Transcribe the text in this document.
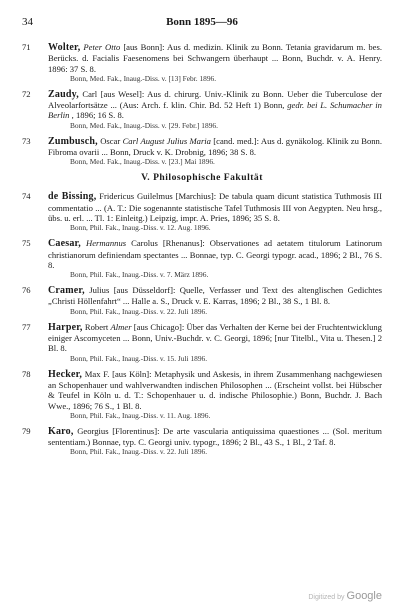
34	Bonn 1895—96
71	Wolter, Peter Otto [aus Bonn]: Aus d. medizin. Klinik zu Bonn. Tetania gravidarum m. bes. Berücks. d. Facialis Faesenomens bei Schwangern überhaupt ... Bonn, Buchdr. v. A. Henry. 1896: 37 S. 8.
Bonn, Med. Fak., Inaug.-Diss. v. [13] Febr. 1896.
72	Zaudy, Carl [aus Wesel]: Aus d. chirurg. Univ.-Klinik zu Bonn. Ueber die Tuberculose der Alveolarfortsätze ... (Aus: Arch. f. klin. Chir. Bd. 52 Heft 1) Bonn, gedr. bei L. Schumacher in Berlin , 1896; 16 S. 8.
Bonn, Med. Fak., Inaug.-Diss. v. [29. Febr.] 1896.
73	Zumbusch, Oscar Carl August Julius Maria [cand. med.]: Aus d. gynäkolog. Klinik zu Bonn. Fibroma ovarii ... Bonn, Druck v. K. Drobnig, 1896; 38 S. 8.
Bonn, Med. Fak., Inaug.-Diss. v. [23.] Mai 1896.
V. Philosophische Fakultät
74	de Bissing, Fridericus Guilelmus [Marchius]: De tabula quam dicunt statistica Tuthmosis III commentatio ... (A. T.: Die sogenannte statistische Tafel Tuthmosis III von Aegypten. Neu hrsg., übs. u. erl. ... Tl. 1: Einleitg.) Leipzig, impr. A. Pries, 1896; 35 S. 8.
Bonn, Phil. Fak., Inaug.-Diss. v. 12. Aug. 1896.
75	Caesar, Hermannus Carolus [Rhenanus]: Observationes ad aetatem titulorum Latinorum christianorum definiendam spectantes ... Bonnae, typ. C. Georgi typogr. acad., 1896; 2 Bl., 76 S. 8.
Bonn, Phil. Fak., Inaug.-Diss. v. 7. März 1896.
76	Cramer, Julius [aus Düsseldorf]: Quelle, Verfasser und Text des altenglischen Gedichtes „Christi Höllenfahrt“ ... Halle a. S., Druck v. E. Karras, 1896; 2 Bl., 38 S., 1 Bl. 8.
Bonn, Phil. Fak., Inaug.-Diss. v. 22. Juli 1896.
77	Harper, Robert Almer [aus Chicago]: Über das Verhalten der Kerne bei der Fruchtentwicklung einiger Ascomyceten ... Bonn, Univ.-Buchdr. v. C. Georgi, 1896; [nur Titelbl., Vita u. Thesen.] 2 Bl. 8.
Bonn, Phil. Fak., Inaug.-Diss. v. 15. Juli 1896.
78	Hecker, Max F. [aus Köln]: Metaphysik und Askesis, in ihrem Zusammenhang nachgewiesen an Schopenhauer und wahlverwandten indischen Philosophen ... (Erscheint vollst. bei Hübscher & Teufel in Köln u. d. T.: Schopenhauer u. d. indische Philosophie.) Bonn, Buchdr. J. Bach Wwe., 1896; 76 S., 1 Bl. 8.
Bonn, Phil. Fak., Inaug.-Diss. v. 11. Aug. 1896.
79	Karo, Georgius [Florentinus]: De arte vascularia antiquissima quaestiones ... (Sol. meritum sententiam.) Bonnae, typ. C. Georgi univ. typogr., 1896; 2 Bl., 43 S., 1 Bl., 2 Taf. 8.
Bonn, Phil. Fak., Inaug.-Diss. v. 22. Juli 1896.
Digitized by Google
